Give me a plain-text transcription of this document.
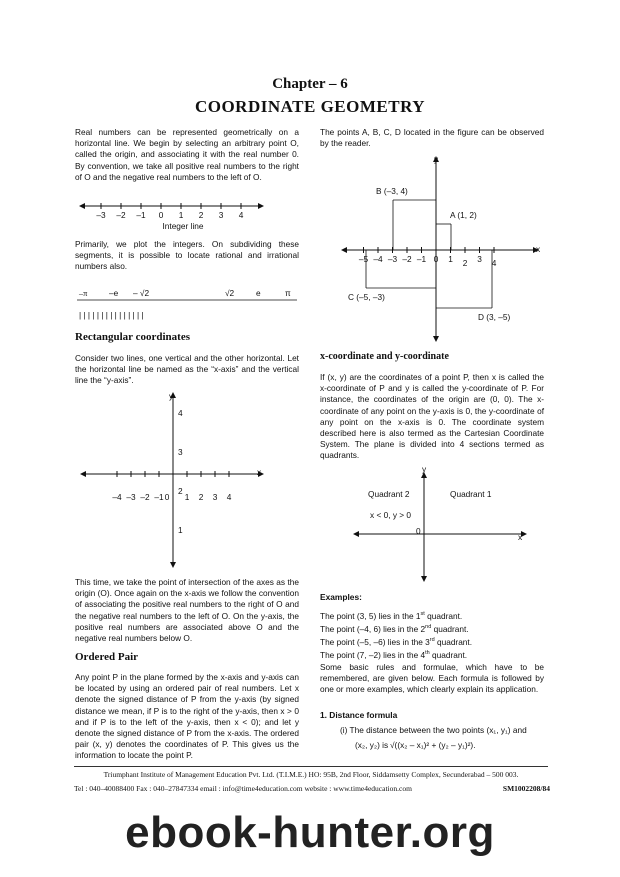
Chapter – 6
COORDINATE GEOMETRY
Real numbers can be represented geometrically on a horizontal line. We begin by selecting an arbitrary point O, called the origin, and associating it with the real number 0. By convention, we take all positive real numbers to the right of O and the negative real numbers to the left of O.
–3 –2 –1 0 1 2 3 4
Integer line
Primarily, we plot the integers. On subdividing these segments, it is possible to locate rational and irrational numbers also.
–π	–e – √2	√2	e	π
| | | | | | | | | | | | | | |
Rectangular coordinates
Consider two lines, one vertical and the other horizontal. Let the horizontal line be named as the “x-axis” and the vertical line the “y-axis”.
y
x
–4 –3 –2 –1 0 1 2 3 4
4
3
2
1
This time, we take the point of intersection of the axes as the origin (O). Once again on the x-axis we follow the convention of associating the positive real numbers to the right of O and the negative real numbers to the left of O. On the y-axis, the positive real numbers are associated above O and the negative real numbers below O.
Ordered Pair
Any point P in the plane formed by the x-axis and y-axis can be located by using an ordered pair of real numbers. Let x denote the signed distance of P from the y-axis (by signed distance we mean, if P is to the right of the y-axis, then x > 0 and if P is to the left of the y-axis, then x < 0); and let y denote the signed distance of P from the x-axis. The ordered pair (x, y) denotes the coordinates of P. This gives us the information to locate the point P.
The points A, B, C, D located in the figure can be observed by the reader.
y
x
–5 –4 –3 –2 –1 0 1 2 3 4
B (–3, 4)
A (1, 2)
C (–5, –3)
D (3, –5)
x-coordinate and y-coordinate
If (x, y) are the coordinates of a point P, then x is called the x-coordinate of P and y is called the y-coordinate of P. For instance, the coordinates of the origin are (0, 0). The x-coordinate of any point on the y-axis is 0, the y-coordinate of any point on the x-axis is 0. The coordinate system described here is also termed as the Cartesian Coordinate System. The plane is divided into 4 sections termed as quadrants.
y
x
0
Quadrant 2	Quadrant 1
x < 0, y > 0
Examples:
The point (3, 5) lies in the 1st quadrant.
The point (–4, 6) lies in the 2nd quadrant.
The point (–5, –6) lies in the 3rd quadrant.
The point (7, –2) lies in the 4th quadrant.
Some basic rules and formulae, which have to be remembered, are given below. Each formula is followed by one or more examples, which clearly explain its application.
1. Distance formula
(i) The distance between the two points (x₁, y₁) and
(x₂, y₂) is √((x₂ – x₁)² + (y₂ – y₁)²).
Triumphant Institute of Management Education Pvt. Ltd. (T.I.M.E.) HO: 95B, 2nd Floor, Siddamsetty Complex, Secunderabad – 500 003.
Tel : 040–40088400 Fax : 040–27847334 email : info@time4education.com website : www.time4education.com	SM1002208/84
ebook-hunter.org
